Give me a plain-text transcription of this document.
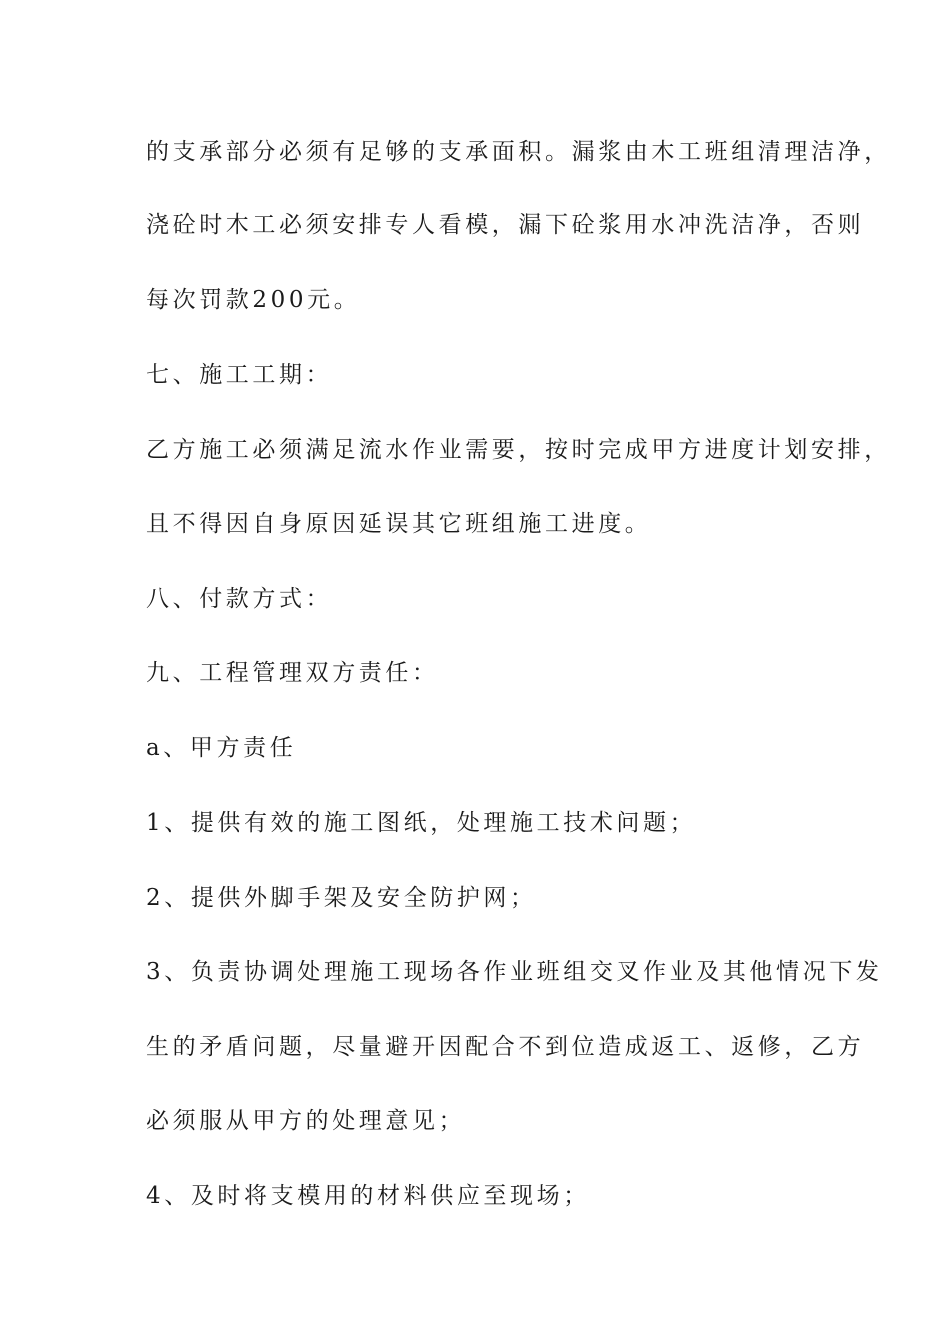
的支承部分必须有足够的支承面积。漏浆由木工班组清理洁净，
浇砼时木工必须安排专人看模，漏下砼浆用水冲洗洁净，否则
每次罚款200元。
七、施工工期：
乙方施工必须满足流水作业需要，按时完成甲方进度计划安排，
且不得因自身原因延误其它班组施工进度。
八、付款方式：
九、工程管理双方责任：
a、甲方责任
1、提供有效的施工图纸，处理施工技术问题；
2、提供外脚手架及安全防护网；
3、负责协调处理施工现场各作业班组交叉作业及其他情况下发
生的矛盾问题，尽量避开因配合不到位造成返工、返修，乙方
必须服从甲方的处理意见；
4、及时将支模用的材料供应至现场；
